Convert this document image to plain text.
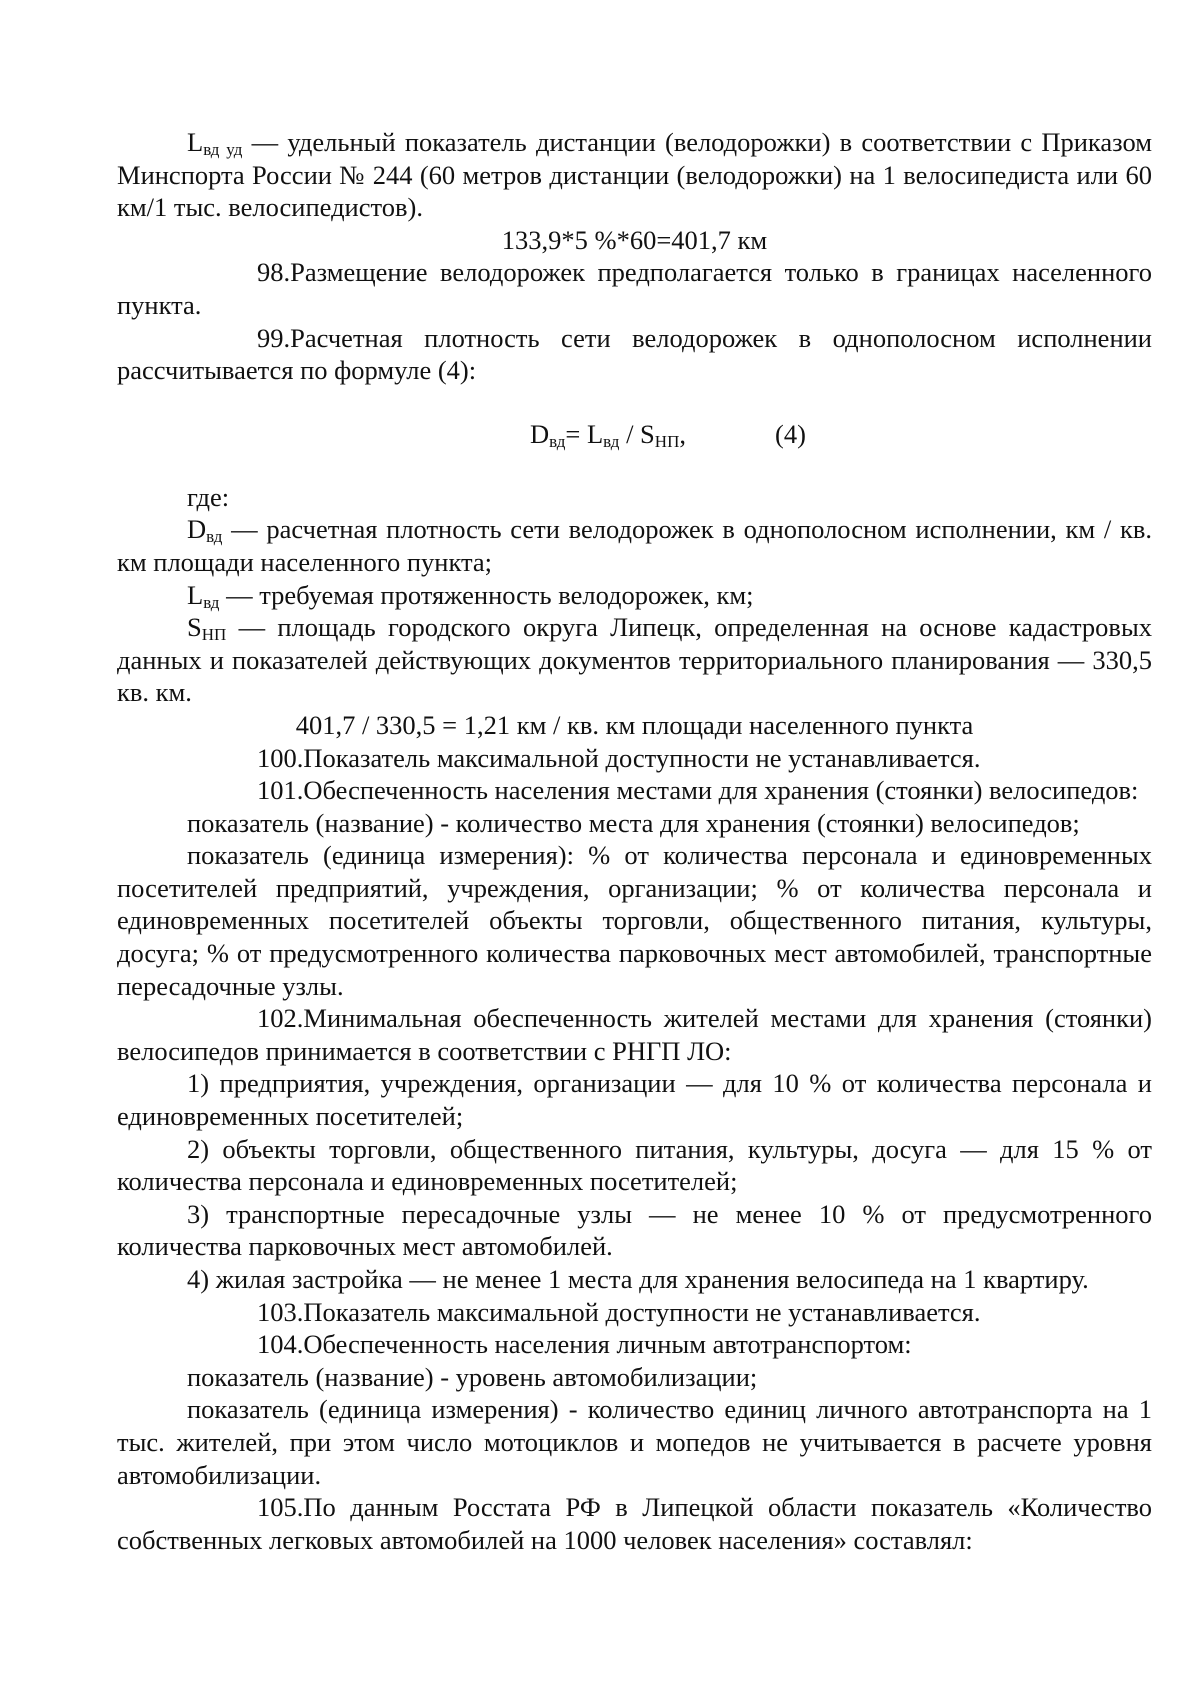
$L_{вд уд}$ — удельный показатель дистанции (велодорожки) в соответствии с Приказом Минспорта России № 244 (60 метров дистанции (велодорожки) на 1 велосипедиста или 60 км/1 тыс. велосипедистов).

133,9*5 %*60=401,7 км

98.Размещение велодорожек предполагается только в границах населенного пункта.

99.Расчетная плотность сети велодорожек в однополосном исполнении рассчитывается по формуле (4):

$D_{вд}= L_{вд} / S_{НП}$,	(4)

где:

$D_{вд}$ — расчетная плотность сети велодорожек в однополосном исполнении, км / кв. км площади населенного пункта;

$L_{вд}$ — требуемая протяженность велодорожек, км;

$S_{НП}$ — площадь городского округа Липецк, определенная на основе кадастровых данных и показателей действующих документов территориального планирования — 330,5 кв. км.

401,7 / 330,5 = 1,21 км / кв. км площади населенного пункта

100.Показатель максимальной доступности не устанавливается.

101.Обеспеченность населения местами для хранения (стоянки) велосипедов:

показатель (название) - количество места для хранения (стоянки) велосипедов;

показатель (единица измерения): % от количества персонала и единовременных посетителей предприятий, учреждения, организации; % от количества персонала и единовременных посетителей объекты торговли, общественного питания, культуры, досуга; % от предусмотренного количества парковочных мест автомобилей, транспортные пересадочные узлы.

102.Минимальная обеспеченность жителей местами для хранения (стоянки) велосипедов принимается в соответствии с РНГП ЛО:

1) предприятия, учреждения, организации — для 10 % от количества персонала и единовременных посетителей;

2) объекты торговли, общественного питания, культуры, досуга — для 15 % от количества персонала и единовременных посетителей;

3) транспортные пересадочные узлы — не менее 10 % от предусмотренного количества парковочных мест автомобилей.

4) жилая застройка — не менее 1 места для хранения велосипеда на 1 квартиру.

103.Показатель максимальной доступности не устанавливается.

104.Обеспеченность населения личным автотранспортом:

показатель (название) - уровень автомобилизации;

показатель (единица измерения) - количество единиц личного автотранспорта на 1 тыс. жителей, при этом число мотоциклов и мопедов не учитывается в расчете уровня автомобилизации.

105.По данным Росстата РФ в Липецкой области показатель «Количество собственных легковых автомобилей на 1000 человек населения» составлял:
